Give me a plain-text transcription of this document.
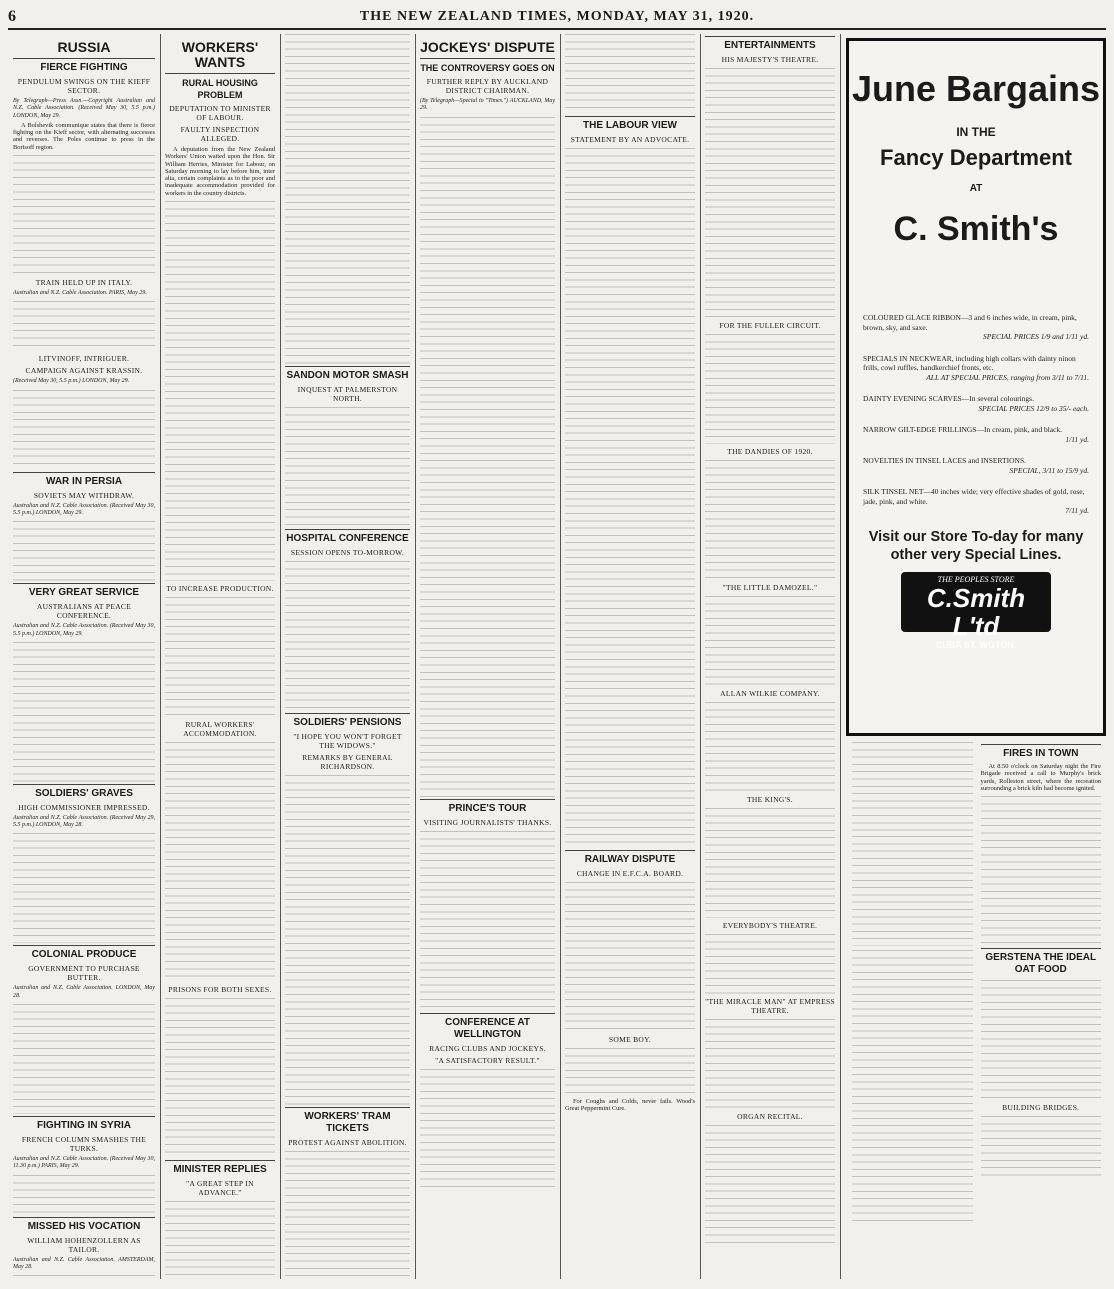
6	THE NEW ZEALAND TIMES, MONDAY, MAY 31, 1920.
RUSSIA
FIERCE FIGHTING
PENDULUM SWINGS ON THE KIEFF SECTOR.
By Telegraph—Press Assn.—Copyright Australian and N.Z. Cable Association. (Received May 30, 5.5 p.m.) LONDON, May 29.

A Bolshevik communique states that there is fierce fighting on the Kieff sector, with alternating successes and reverses. The Poles continue to press in the Borisoff region.

TRAIN HELD UP IN ITALY.
Australian and N.Z. Cable Association. PARIS, May 29.
LITVINOFF, INTRIGUER.
CAMPAIGN AGAINST KRASSIN.
(Received May 30, 5.5 p.m.) LONDON, May 29.
WAR IN PERSIA
SOVIETS MAY WITHDRAW.
Australian and N.Z. Cable Association. (Received May 30, 5.5 p.m.) LONDON, May 29.
VERY GREAT SERVICE
AUSTRALIANS AT PEACE CONFERENCE.
Australian and N.Z. Cable Association. (Received May 30, 5.5 p.m.) LONDON, May 29.
SOLDIERS' GRAVES
HIGH COMMISSIONER IMPRESSED.
Australian and N.Z. Cable Association. (Received May 29, 5.5 p.m.) LONDON, May 28.
COLONIAL PRODUCE
GOVERNMENT TO PURCHASE BUTTER.
Australian and N.Z. Cable Association. LONDON, May 28.
FIGHTING IN SYRIA
FRENCH COLUMN SMASHES THE TURKS.
Australian and N.Z. Cable Association. (Received May 30, 11.30 p.m.) PARIS, May 29.
MISSED HIS VOCATION
WILLIAM HOHENZOLLERN AS TAILOR.
Australian and N.Z. Cable Association. AMSTERDAM, May 28.
WORKERS' WANTS
RURAL HOUSING PROBLEM
DEPUTATION TO MINISTER OF LABOUR.
FAULTY INSPECTION ALLEGED.

A deputation from the New Zealand Workers' Union waited upon the Hon. Sir William Herries, Minister for Labour, on Saturday morning to lay before him, inter alia, certain complaints as to the poor and inadequate accommodation provided for workers in the country districts.

TO INCREASE PRODUCTION.
RURAL WORKERS' ACCOMMODATION.
PRISONS FOR BOTH SEXES.
MINISTER REPLIES
"A GREAT STEP IN ADVANCE."
SANDON MOTOR SMASH
INQUEST AT PALMERSTON NORTH.
HOSPITAL CONFERENCE
SESSION OPENS TO-MORROW.
SOLDIERS' PENSIONS
"I HOPE YOU WON'T FORGET THE WIDOWS."
REMARKS BY GENERAL RICHARDSON.
WORKERS' TRAM TICKETS
PROTEST AGAINST ABOLITION.
JOCKEYS' DISPUTE
THE CONTROVERSY GOES ON
FURTHER REPLY BY AUCKLAND DISTRICT CHAIRMAN.
(By Telegraph—Special to "Times.") AUCKLAND, May 29.
PRINCE'S TOUR
VISITING JOURNALISTS' THANKS.
CONFERENCE AT WELLINGTON
RACING CLUBS AND JOCKEYS.
"A SATISFACTORY RESULT."
THE LABOUR VIEW
STATEMENT BY AN ADVOCATE.
RAILWAY DISPUTE
CHANGE IN E.F.C.A. BOARD.
SOME BOY.

For Coughs and Colds, never fails. Wood's Great Peppermint Cure.

ENTERTAINMENTS
HIS MAJESTY'S THEATRE.
FOR THE FULLER CIRCUIT.
THE DANDIES OF 1920.
"THE LITTLE DAMOZEL."
ALLAN WILKIE COMPANY.
THE KING'S.
EVERYBODY'S THEATRE.
"THE MIRACLE MAN" AT EMPRESS THEATRE.
ORGAN RECITAL.
FIRES IN TOWN

At 8.50 o'clock on Saturday night the Fire Brigade received a call to Murphy's brick yards, Rolleston street, where the recreation surrounding a brick kiln had become ignited.

GERSTENA THE IDEAL OAT FOOD
BUILDING BRIDGES.
June Bargains
IN THE
Fancy Department
AT
C. Smith's
COLOURED GLACE RIBBON—3 and 6 inches wide, in cream, pink, brown, sky, and saxe.
SPECIAL PRICES 1/9 and 1/11 yd.
SPECIALS IN NECKWEAR, including high collars with dainty ninon frills, cowl ruffles, handkerchief fronts, etc.
ALL AT SPECIAL PRICES, ranging from 3/11 to 7/11.
DAINTY EVENING SCARVES—In several colourings.
SPECIAL PRICES 12/9 to 35/- each.
NARROW GILT-EDGE FRILLINGS—In cream, pink, and black.
1/11 yd.
NOVELTIES IN TINSEL LACES and INSERTIONS.
SPECIAL, 3/11 to 15/9 yd.
SILK TINSEL NET—40 inches wide; very effective shades of gold, rose, jade, pink, and white.
7/11 yd.
Visit our Store To-day for many other very Special Lines.
THE PEOPLES STORE
C.Smith L'td
CUBA ST. WGTON.
